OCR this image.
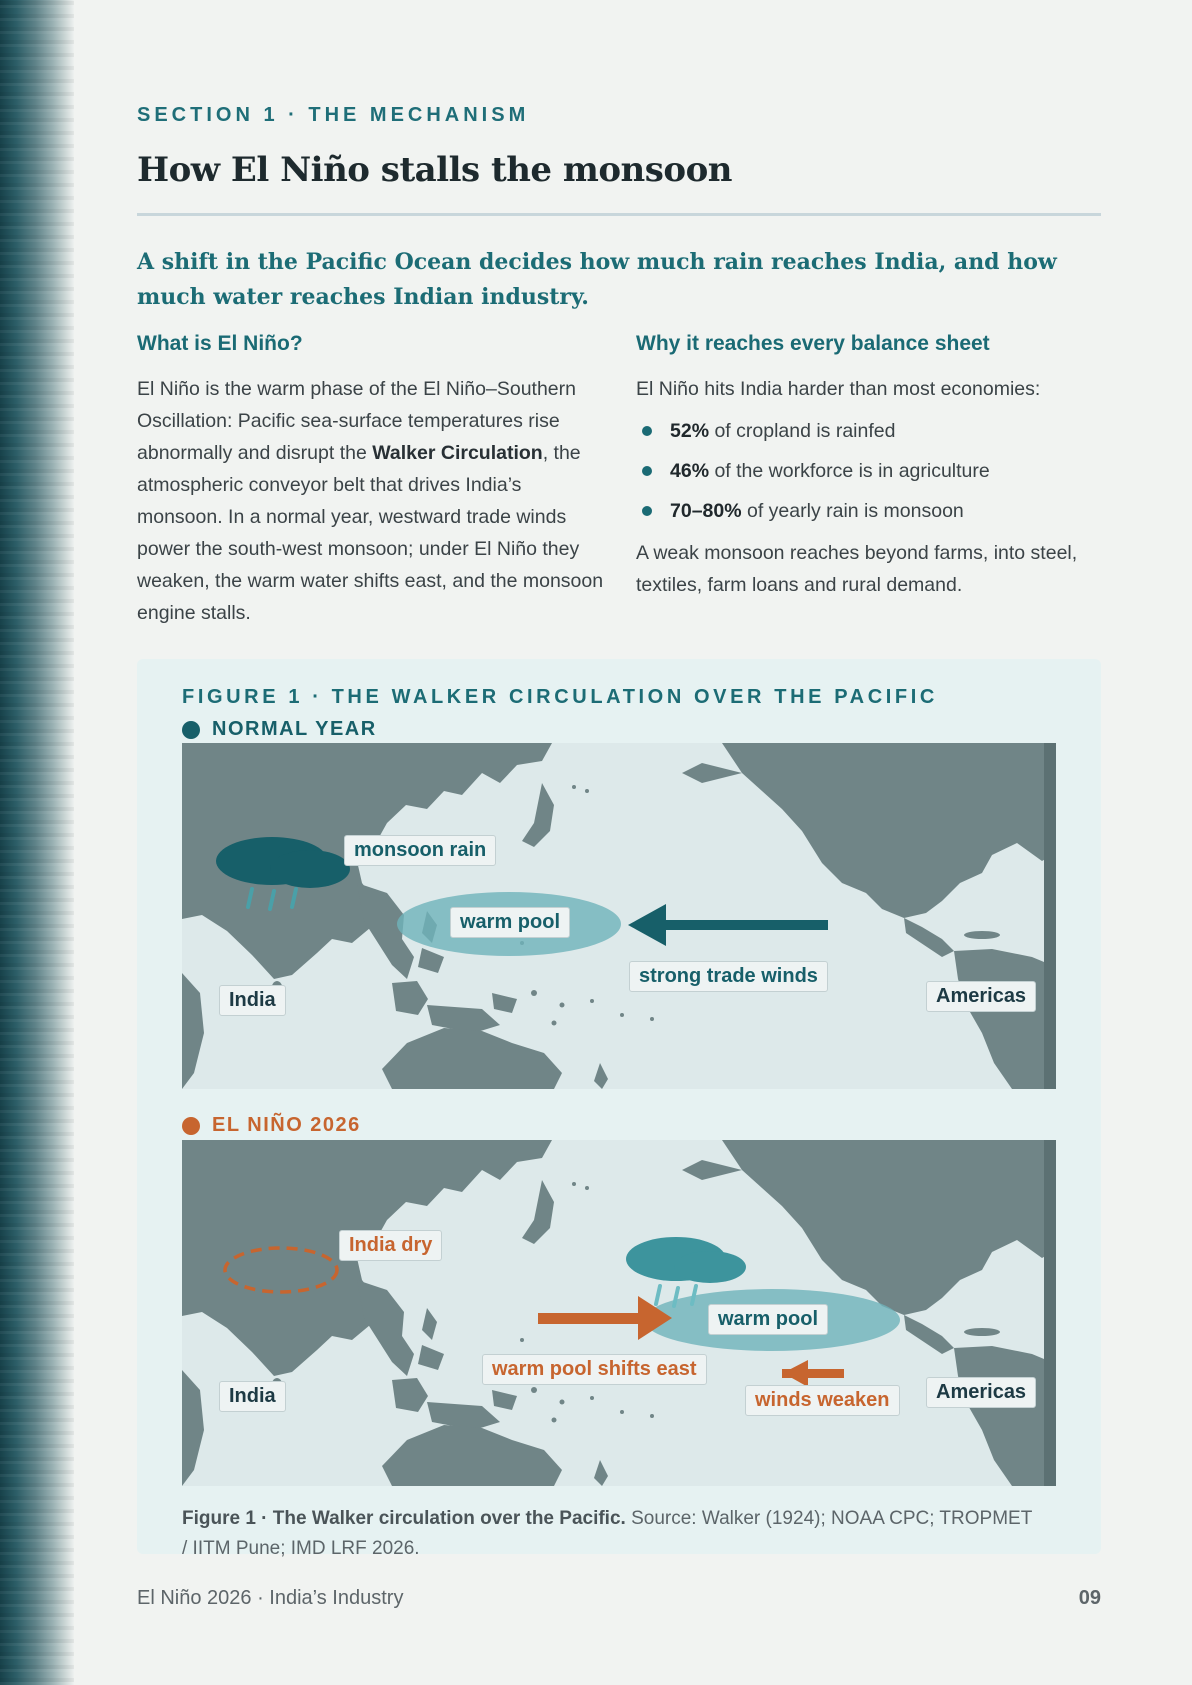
SECTION 1 · THE MECHANISM
How El Niño stalls the monsoon

A shift in the Pacific Ocean decides how much rain reaches India, and how much water reaches Indian industry.

What is El Niño?

El Niño is the warm phase of the El Niño–Southern Oscillation: Pacific sea-surface temperatures rise abnormally and disrupt the Walker Circulation, the atmospheric conveyor belt that drives India’s monsoon. In a normal year, westward trade winds power the south-west monsoon; under El Niño they weaken, the warm water shifts east, and the monsoon engine stalls.

Why it reaches every balance sheet

El Niño hits India harder than most economies:

52% of cropland is rainfed
46% of the workforce is in agriculture
70–80% of yearly rain is monsoon

A weak monsoon reaches beyond farms, into steel, textiles, farm loans and rural demand.

FIGURE 1 · THE WALKER CIRCULATION OVER THE PACIFIC
NORMAL YEAR
monsoon rain
warm pool
strong trade winds
India	Americas
EL NIÑO 2026
India dry
warm pool
warm pool shifts east
winds weaken
India	Americas

Figure 1 · The Walker circulation over the Pacific. Source: Walker (1924); NOAA CPC; TROPMET / IITM Pune; IMD LRF 2026.

El Niño 2026 · India’s Industry	09
